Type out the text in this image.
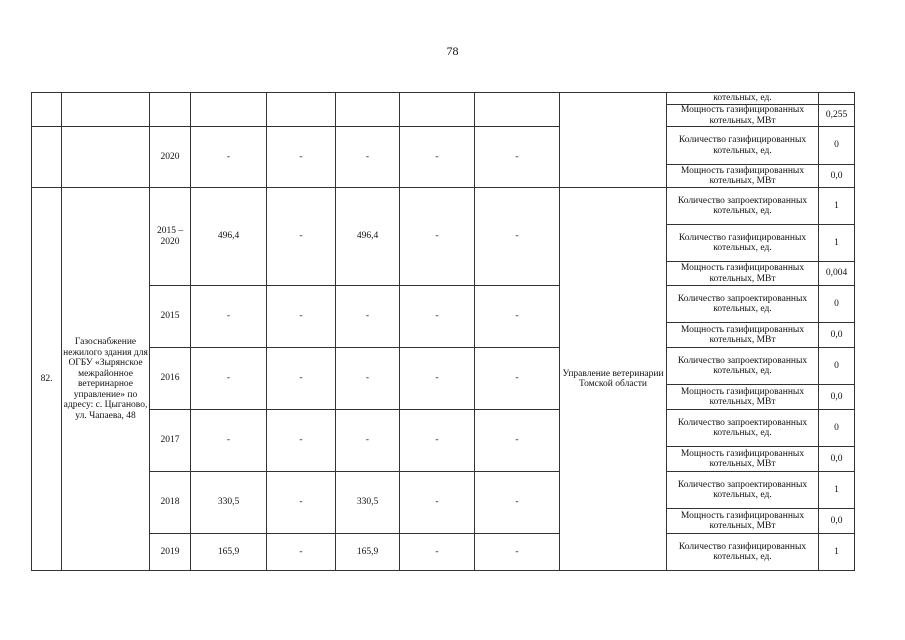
78
									котельных, ед.	
									Мощность газифицированных котельных, МВт	0,255
		2020	-	-	-	-	-		Количество газифицированных котельных, ед.	0
									Мощность газифицированных котельных, МВт	0,0
82.	Газоснабжение нежилого здания для ОГБУ «Зырянское межрайонное ветеринарное управление» по адресу: с. Цыганово, ул. Чапаева, 48	2015 – 2020	496,4	-	496,4	-	-	Управление ветеринарии Томской области	Количество запроектированных котельных, ед.	1
									Количество газифицированных котельных, ед.	1
									Мощность газифицированных котельных, МВт	0,004
		2015	-	-	-	-	-		Количество запроектированных котельных, ед.	0
									Мощность газифицированных котельных, МВт	0,0
		2016	-	-	-	-	-		Количество запроектированных котельных, ед.	0
									Мощность газифицированных котельных, МВт	0,0
		2017	-	-	-	-	-		Количество запроектированных котельных, ед.	0
									Мощность газифицированных котельных, МВт	0,0
		2018	330,5	-	330,5	-	-		Количество запроектированных котельных, ед.	1
									Мощность газифицированных котельных, МВт	0,0
		2019	165,9	-	165,9	-	-		Количество газифицированных котельных, ед.	1
